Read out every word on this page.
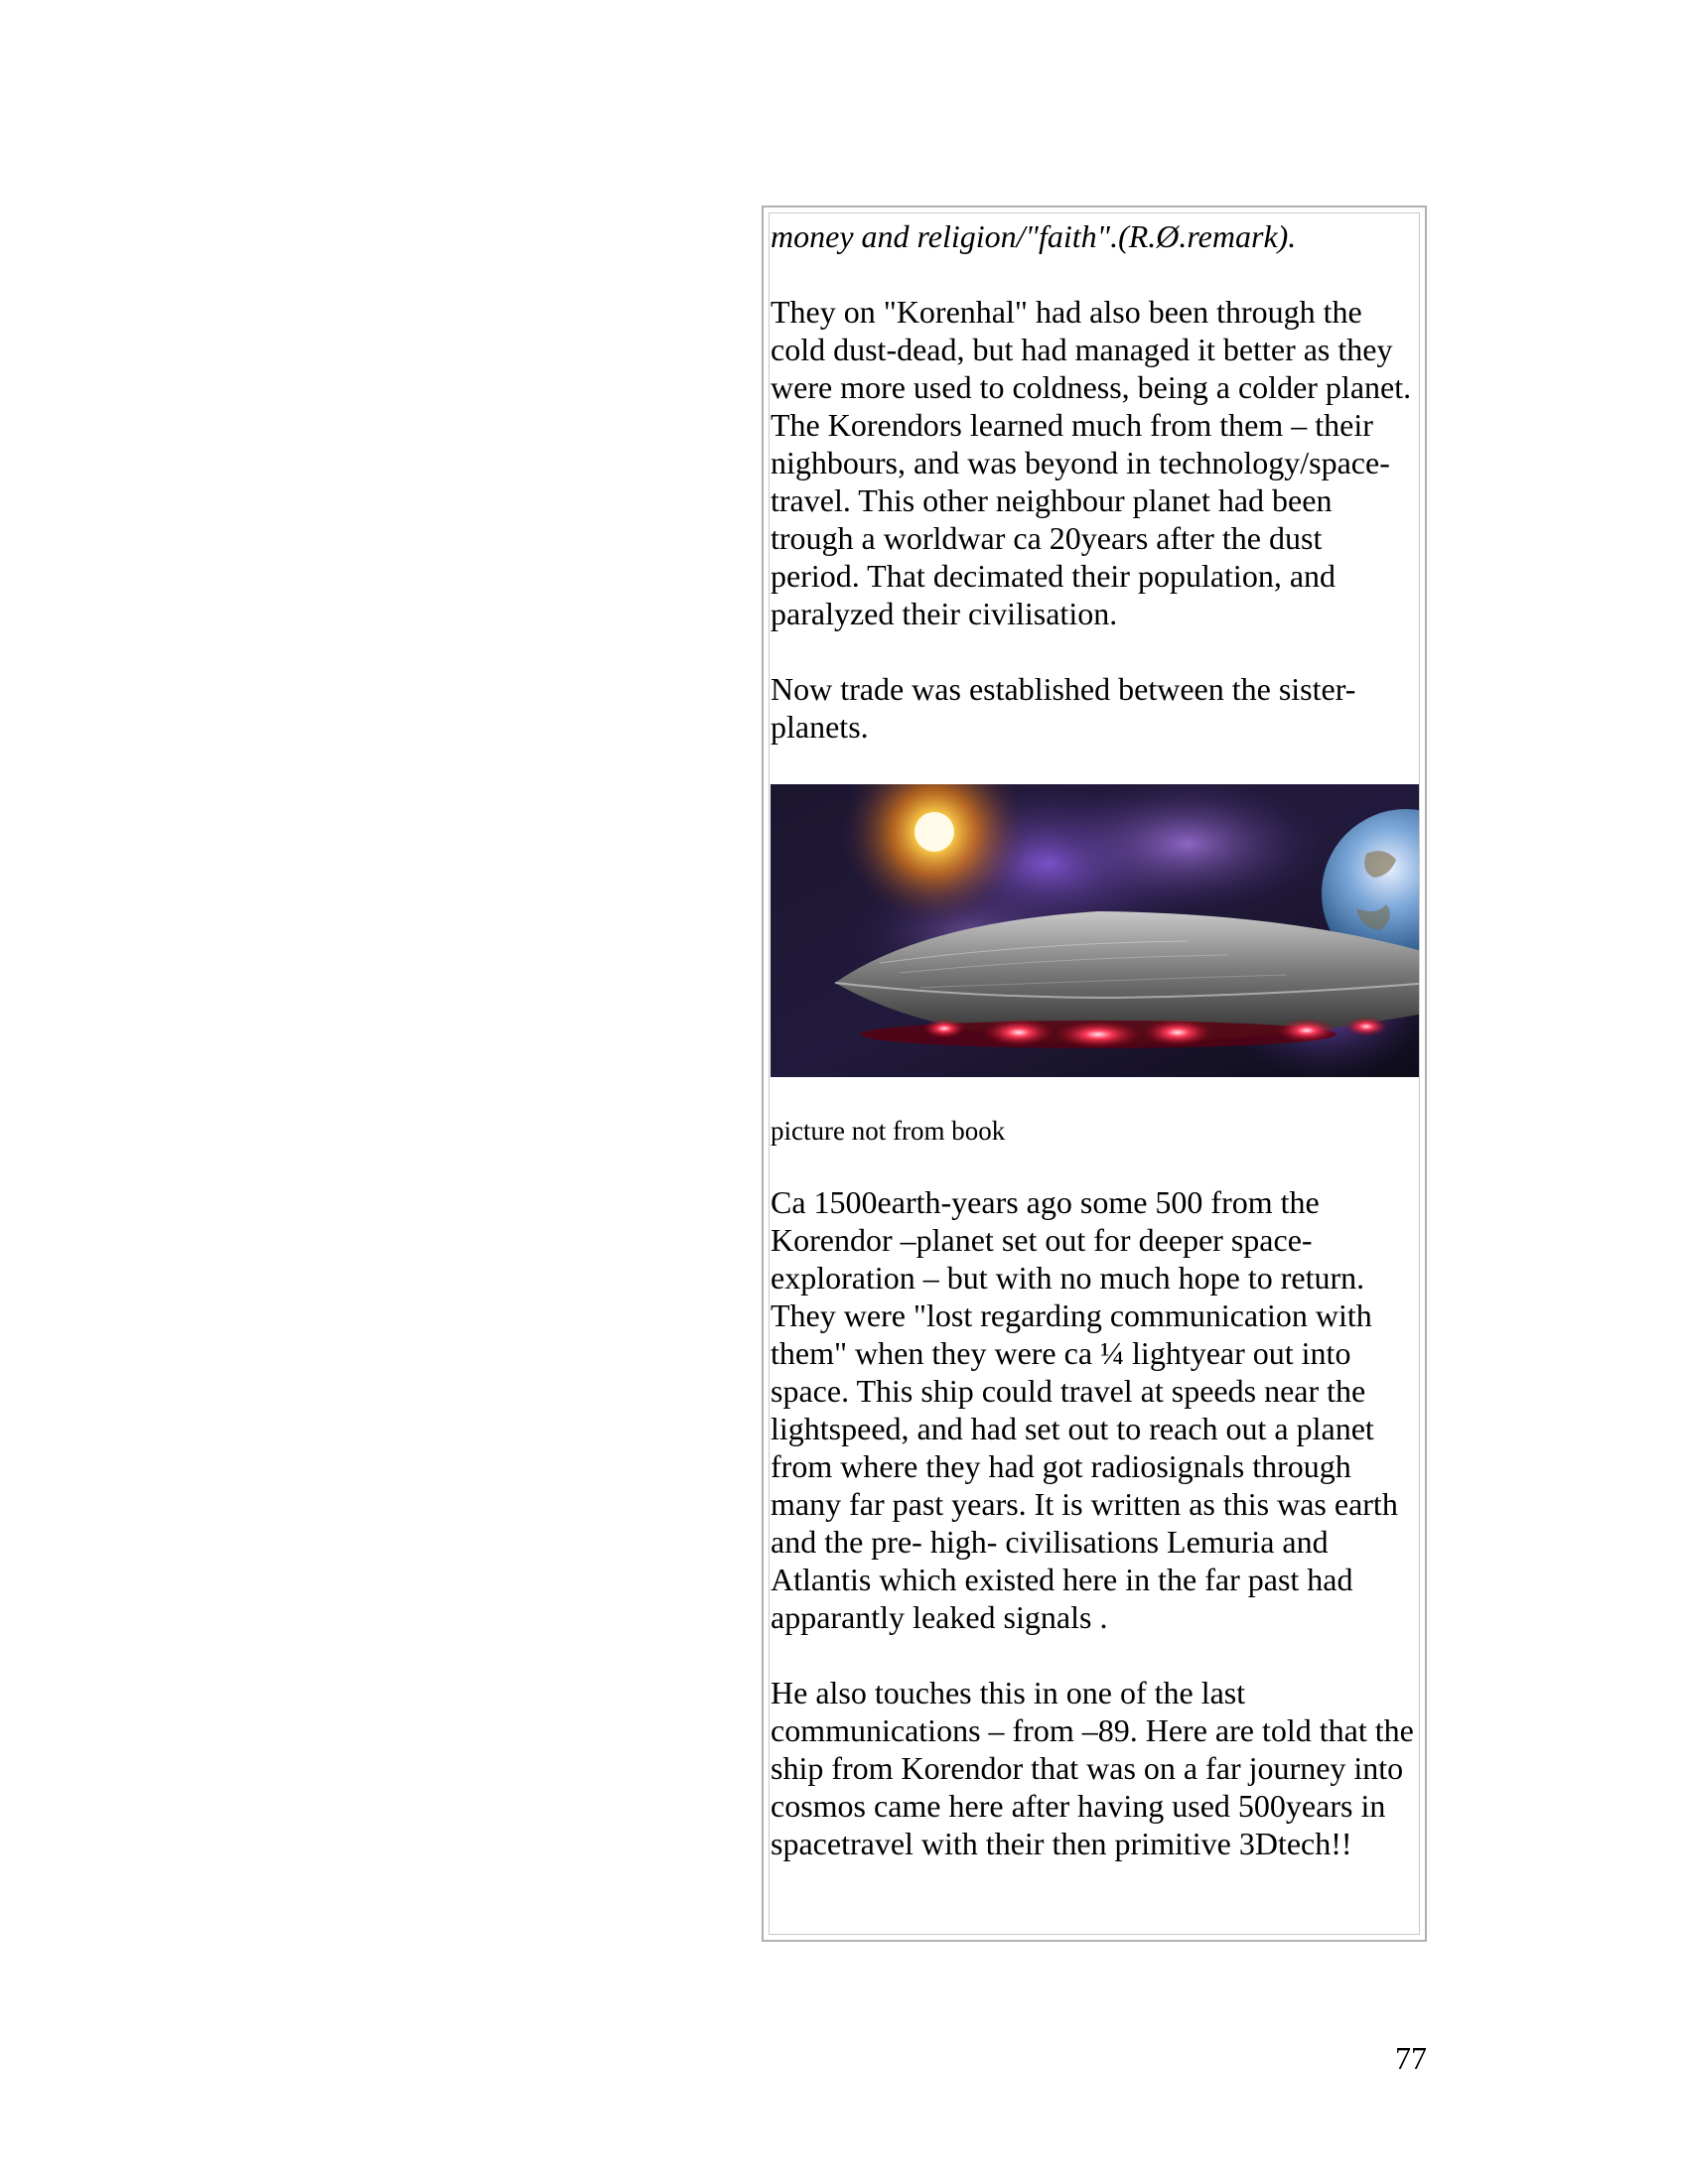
money and religion/"faith".(R.Ø.remark).

They on "Korenhal" had also been through the cold dust-dead, but had managed it better as they were more used to coldness, being a colder planet. The Korendors learned much from them – their nighbours, and was beyond in technology/space-travel. This other neighbour planet had been trough a worldwar ca 20years after the dust period. That decimated their population, and paralyzed their civilisation.

Now trade was established between the sister-planets.

picture not from book

Ca 1500earth-years ago some 500 from the Korendor –planet set out for deeper space-exploration – but with no much hope to return. They were "lost regarding communication with them" when they were ca ¼ lightyear out into space. This ship could travel at speeds near the lightspeed, and had set out to reach out a planet from where they had got radiosignals through many far past years. It is written as this was earth and the pre- high- civilisations Lemuria and Atlantis which existed here in the far past had apparantly leaked signals .

He also touches this in one of the last communications – from –89. Here are told that the ship from Korendor that was on a far journey into cosmos came here after having used 500years in spacetravel with their then primitive 3Dtech!!

77
